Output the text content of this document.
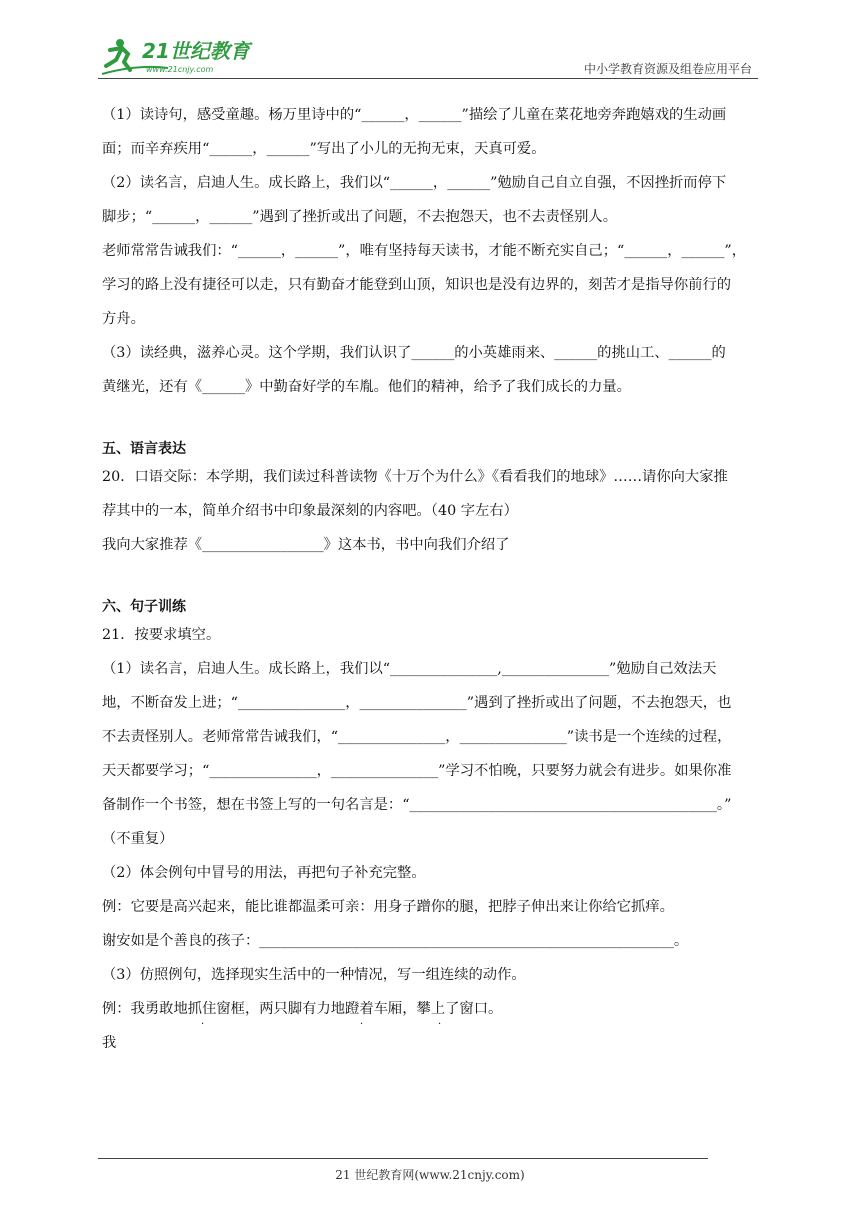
21世纪教育
www.21cnjy.com	中小学教育资源及组卷应用平台

（1）读诗句，感受童趣。杨万里诗中的“______，______”描绘了儿童在菜花地旁奔跑嬉戏的生动画

面；而辛弃疾用“______，______”写出了小儿的无拘无束，天真可爱。

（2）读名言，启迪人生。成长路上，我们以“______，______”勉励自己自立自强，不因挫折而停下

脚步；“______，______”遇到了挫折或出了问题，不去抱怨天，也不去责怪别人。

老师常常告诫我们：“______，______”，唯有坚持每天读书，才能不断充实自己；“______，______”，

学习的路上没有捷径可以走，只有勤奋才能登到山顶，知识也是没有边界的，刻苦才是指导你前行的

方舟。

（3）读经典，滋养心灵。这个学期，我们认识了______的小英雄雨来、______的挑山工、______的

黄继光，还有《______》中勤奋好学的车胤。他们的精神，给予了我们成长的力量。

五、语言表达

20．口语交际：本学期，我们读过科普读物《十万个为什么》《看看我们的地球》……请你向大家推

荐其中的一本，简单介绍书中印象最深刻的内容吧。（40 字左右）

我向大家推荐《_________________》这本书，书中向我们介绍了

六、句子训练

21．按要求填空。

（1）读名言，启迪人生。成长路上，我们以“_______________,_______________”勉励自己效法天

地，不断奋发上进；“_______________，_______________”遇到了挫折或出了问题，不去抱怨天，也

不去责怪别人。老师常常告诫我们，“_______________，_______________”读书是一个连续的过程，

天天都要学习；“_______________，_______________”学习不怕晚，只要努力就会有进步。如果你准

备制作一个书签，想在书签上写的一句名言是：“___________________________________________。”

（不重复）

（2）体会例句中冒号的用法，再把句子补充完整。

例：它要是高兴起来，能比谁都温柔可亲：用身子蹭你的腿，把脖子伸出来让你给它抓痒。

谢安如是个善良的孩子：__________________________________________________________。

（3）仿照例句，选择现实生活中的一种情况，写一组连续的动作。

例：我勇敢地抓住窗框，两只脚有力地蹬着车厢，攀上了窗口。

·	·	·

我

21 世纪教育网(www.21cnjy.com)
